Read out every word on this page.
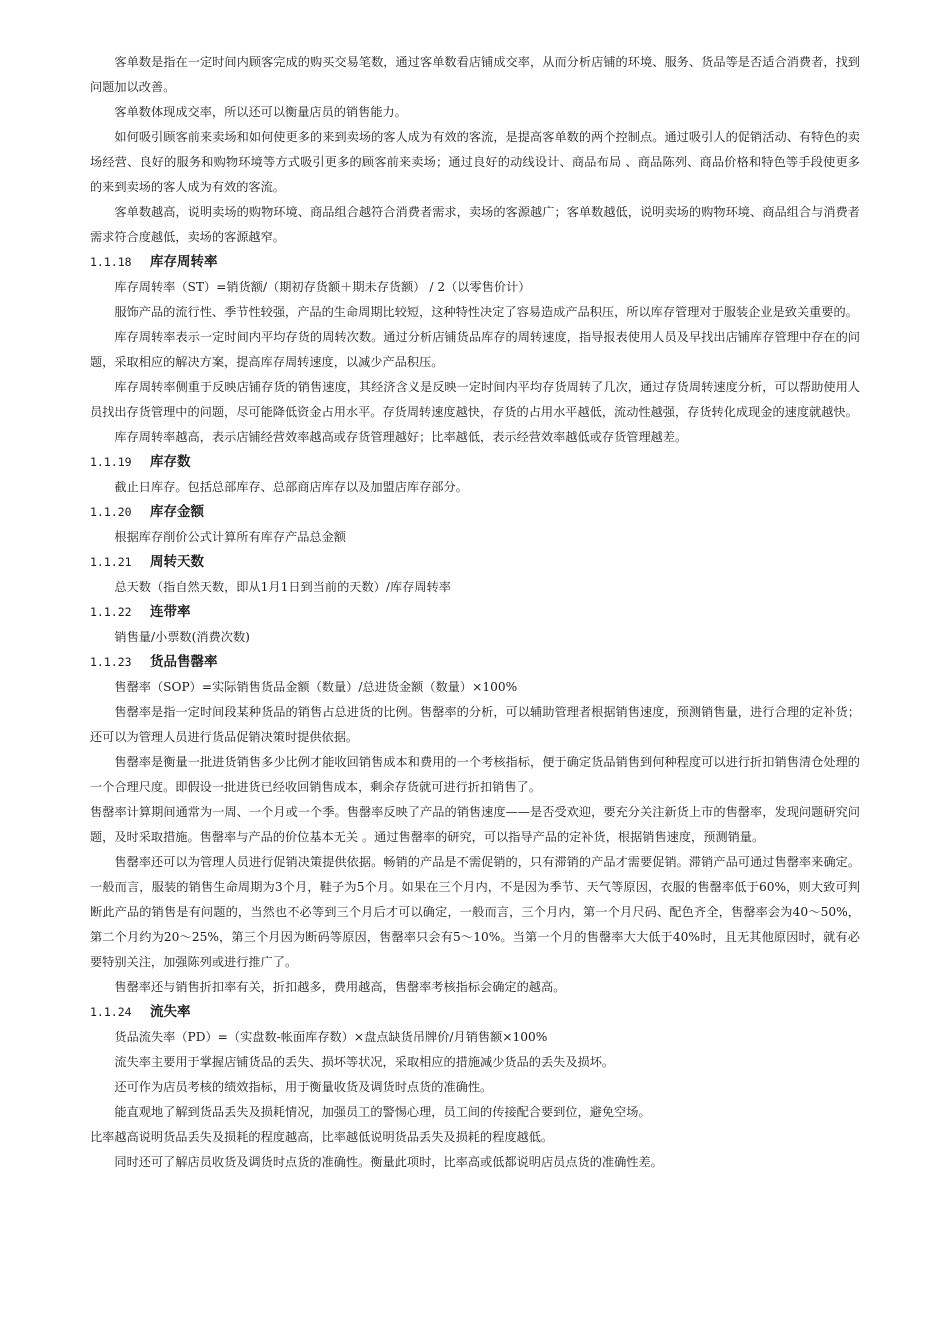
客单数是指在一定时间内顾客完成的购买交易笔数，通过客单数看店铺成交率，从而分析店铺的环境、服务、货品等是否适合消费者，找到问题加以改善。

客单数体现成交率，所以还可以衡量店员的销售能力。

如何吸引顾客前来卖场和如何使更多的来到卖场的客人成为有效的客流，是提高客单数的两个控制点。通过吸引人的促销活动、有特色的卖场经营、良好的服务和购物环境等方式吸引更多的顾客前来卖场；通过良好的动线设计、商品布局 、商品陈列、商品价格和特色等手段使更多的来到卖场的客人成为有效的客流。

客单数越高，说明卖场的购物环境、商品组合越符合消费者需求，卖场的客源越广；客单数越低，说明卖场的购物环境、商品组合与消费者需求符合度越低，卖场的客源越窄。

1.1.18	库存周转率

库存周转率（ST）=销货额/（期初存货额＋期未存货额） / 2（以零售价计）

服饰产品的流行性、季节性较强，产品的生命周期比较短，这种特性决定了容易造成产品积压，所以库存管理对于服装企业是致关重要的。

库存周转率表示一定时间内平均存货的周转次数。通过分析店铺货品库存的周转速度，指导报表使用人员及早找出店铺库存管理中存在的问题，采取相应的解决方案，提高库存周转速度，以减少产品积压。

库存周转率侧重于反映店铺存货的销售速度，其经济含义是反映一定时间内平均存货周转了几次，通过存货周转速度分析，可以帮助使用人员找出存货管理中的问题，尽可能降低资金占用水平。存货周转速度越快，存货的占用水平越低，流动性越强，存货转化成现金的速度就越快。

库存周转率越高，表示店铺经营效率越高或存货管理越好；比率越低，表示经营效率越低或存货管理越差。

1.1.19	库存数

截止日库存。包括总部库存、总部商店库存以及加盟店库存部分。

1.1.20	库存金额

根据库存削价公式计算所有库存产品总金额

1.1.21	周转天数

总天数（指自然天数，即从1月1日到当前的天数）/库存周转率

1.1.22	连带率

销售量/小票数(消费次数)

1.1.23	货品售罄率

售罄率（SOP）=实际销售货品金额（数量）/总进货金额（数量）×100%

售罄率是指一定时间段某种货品的销售占总进货的比例。售罄率的分析，可以辅助管理者根据销售速度，预测销售量，进行合理的定补货；还可以为管理人员进行货品促销决策时提供依据。

售罄率是衡量一批进货销售多少比例才能收回销售成本和费用的一个考核指标，便于确定货品销售到何种程度可以进行折扣销售清仓处理的一个合理尺度。即假设一批进货已经收回销售成本，剩余存货就可进行折扣销售了。

售罄率计算期间通常为一周、一个月或一个季。售罄率反映了产品的销售速度——是否受欢迎，要充分关注新货上市的售罄率，发现问题研究问题，及时采取措施。售罄率与产品的价位基本无关 。通过售罄率的研究，可以指导产品的定补货，根据销售速度，预测销量。

售罄率还可以为管理人员进行促销决策提供依据。畅销的产品是不需促销的，只有滞销的产品才需要促销。滞销产品可通过售罄率来确定。一般而言，服装的销售生命周期为3个月，鞋子为5个月。如果在三个月内，不是因为季节、天气等原因，衣服的售罄率低于60%，则大致可判断此产品的销售是有问题的，当然也不必等到三个月后才可以确定，一般而言，三个月内，第一个月尺码、配色齐全，售罄率会为40～50%，第二个月约为20～25%，第三个月因为断码等原因，售罄率只会有5～10%。当第一个月的售罄率大大低于40%时，且无其他原因时，就有必要特别关注，加强陈列或进行推广了。

售罄率还与销售折扣率有关，折扣越多，费用越高，售罄率考核指标会确定的越高。

1.1.24	流失率

货品流失率（PD）=（实盘数-帐面库存数）×盘点缺货吊牌价/月销售额×100%

流失率主要用于掌握店铺货品的丢失、损坏等状况，采取相应的措施减少货品的丢失及损坏。

还可作为店员考核的绩效指标，用于衡量收货及调货时点货的准确性。

能直观地了解到货品丢失及损耗情况，加强员工的警惕心理，员工间的传接配合要到位，避免空场。

比率越高说明货品丢失及损耗的程度越高，比率越低说明货品丢失及损耗的程度越低。

同时还可了解店员收货及调货时点货的准确性。衡量此项时，比率高或低都说明店员点货的准确性差。
